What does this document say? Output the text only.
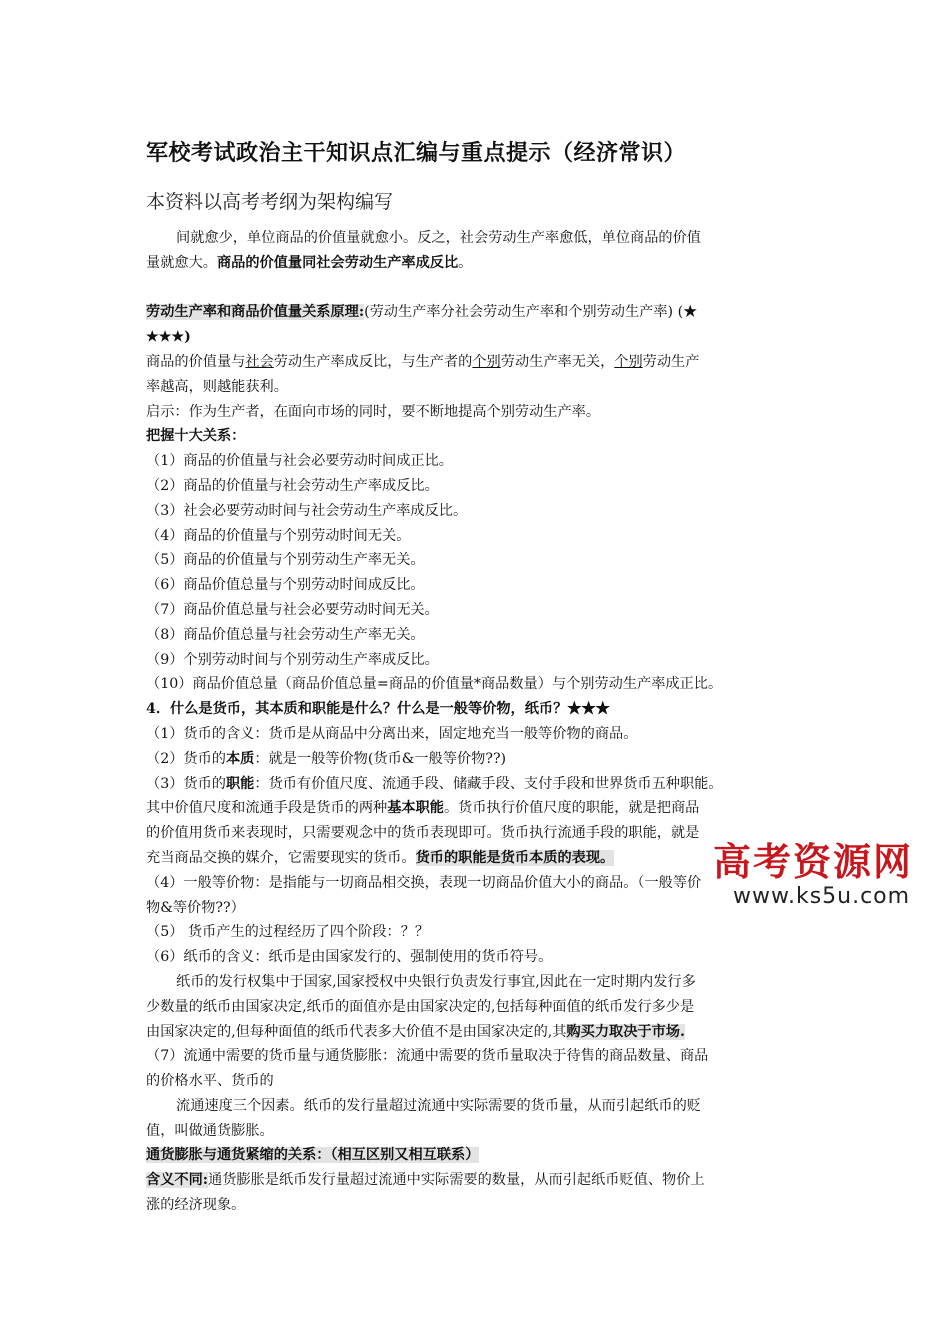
军校考试政治主干知识点汇编与重点提示（经济常识）
本资料以高考考纲为架构编写
间就愈少，单位商品的价值量就愈小。反之，社会劳动生产率愈低，单位商品的价值
量就愈大。商品的价值量同社会劳动生产率成反比。
劳动生产率和商品价值量关系原理:(劳动生产率分社会劳动生产率和个别劳动生产率) (★
★★★)
商品的价值量与社会劳动生产率成反比，与生产者的个别劳动生产率无关，个别劳动生产
率越高，则越能获利。
启示：作为生产者，在面向市场的同时，要不断地提高个别劳动生产率。
把握十大关系：
（1）商品的价值量与社会必要劳动时间成正比。
（2）商品的价值量与社会劳动生产率成反比。
（3）社会必要劳动时间与社会劳动生产率成反比。
（4）商品的价值量与个别劳动时间无关。
（5）商品的价值量与个别劳动生产率无关。
（6）商品价值总量与个别劳动时间成反比。
（7）商品价值总量与社会必要劳动时间无关。
（8）商品价值总量与社会劳动生产率无关。
（9）个别劳动时间与个别劳动生产率成反比。
（10）商品价值总量（商品价值总量=商品的价值量*商品数量）与个别劳动生产率成正比。
4．什么是货币，其本质和职能是什么？什么是一般等价物，纸币？★★★
（1）货币的含义：货币是从商品中分离出来，固定地充当一般等价物的商品。
（2）货币的本质：就是一般等价物(货币&一般等价物??)
（3）货币的职能：货币有价值尺度、流通手段、储藏手段、支付手段和世界货币五种职能。
其中价值尺度和流通手段是货币的两种基本职能。货币执行价值尺度的职能，就是把商品
的价值用货币来表现时，只需要观念中的货币表现即可。货币执行流通手段的职能，就是
充当商品交换的媒介，它需要现实的货币。货币的职能是货币本质的表现。
（4）一般等价物：是指能与一切商品相交换，表现一切商品价值大小的商品。（一般等价
物&等价物??）
（5） 货币产生的过程经历了四个阶段：？？
（6）纸币的含义：纸币是由国家发行的、强制使用的货币符号。
纸币的发行权集中于国家,国家授权中央银行负责发行事宜,因此在一定时期内发行多
少数量的纸币由国家决定,纸币的面值亦是由国家决定的,包括每种面值的纸币发行多少是
由国家决定的,但每种面值的纸币代表多大价值不是由国家决定的,其购买力取决于市场.
（7）流通中需要的货币量与通货膨胀：流通中需要的货币量取决于待售的商品数量、商品
的价格水平、货币的
流通速度三个因素。纸币的发行量超过流通中实际需要的货币量，从而引起纸币的贬
值，叫做通货膨胀。
通货膨胀与通货紧缩的关系：（相互区别又相互联系）
含义不同:通货膨胀是纸币发行量超过流通中实际需要的数量，从而引起纸币贬值、物价上
涨的经济现象。
高考资源网
www.ks5u.com
